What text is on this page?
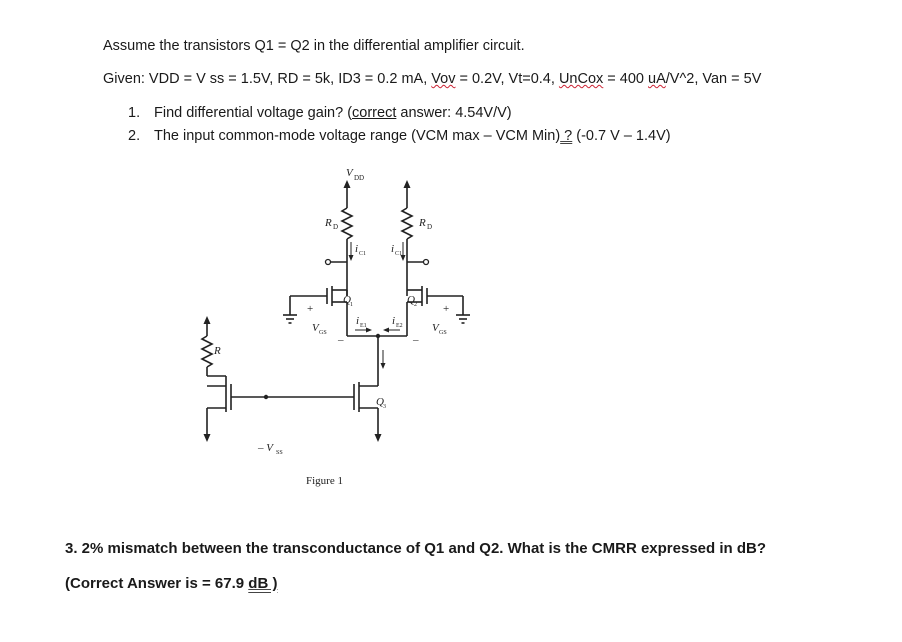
Assume the transistors Q1 = Q2 in the differential amplifier circuit.
Given: VDD = V ss = 1.5V, RD = 5k, ID3 = 0.2 mA, Vov = 0.2V, Vt=0.4, UnCox = 400 uA/V^2, Van = 5V
1. Find differential voltage gain? (correct answer: 4.54V/V)
2. The input common-mode voltage range (VCM max – VCM Min) ? (-0.7 V – 1.4V)
V DD
R D	R D
i C1 i C1
Q 1
+
V GS
–
Q 2 +
V GS
–
i E1 i E2
R
Q 3
– V SS
Figure 1
3. 2% mismatch between the transconductance of Q1 and Q2. What is the CMRR expressed in dB?
(Correct Answer is = 67.9 dB )
